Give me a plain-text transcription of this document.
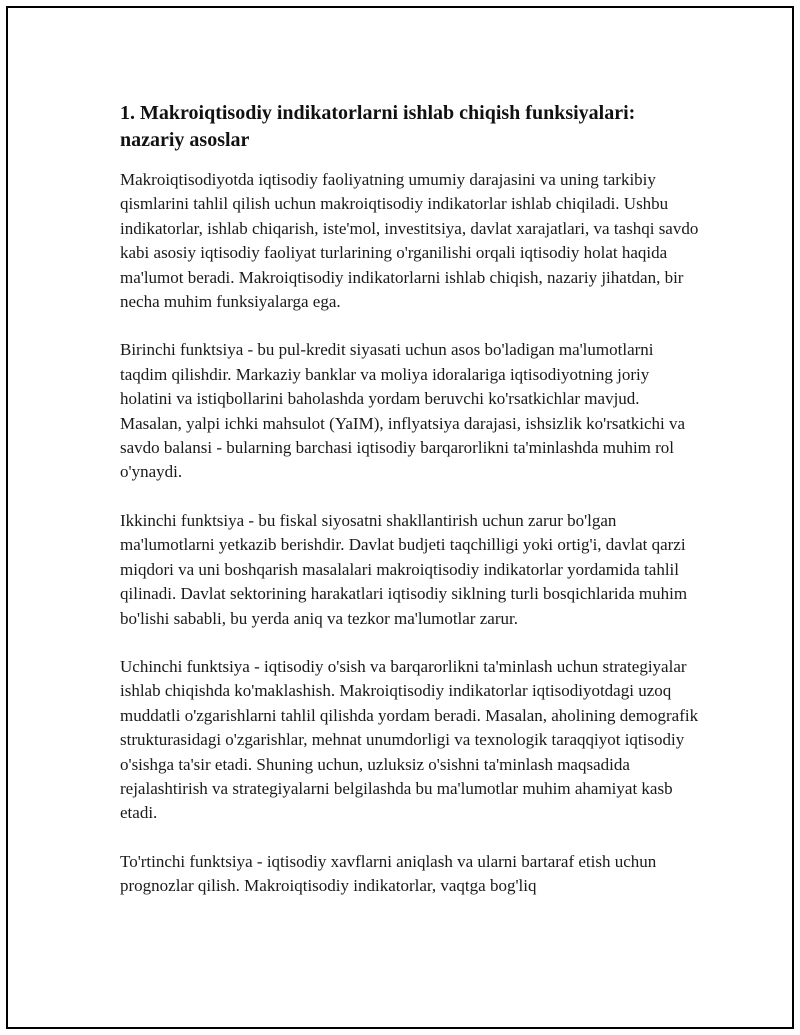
1. Makroiqtisodiy indikatorlarni ishlab chiqish funksiyalari: nazariy asoslar

Makroiqtisodiyotda iqtisodiy faoliyatning umumiy darajasini va uning tarkibiy qismlarini tahlil qilish uchun makroiqtisodiy indikatorlar ishlab chiqiladi. Ushbu indikatorlar, ishlab chiqarish, iste'mol, investitsiya, davlat xarajatlari, va tashqi savdo kabi asosiy iqtisodiy faoliyat turlarining o'rganilishi orqali iqtisodiy holat haqida ma'lumot beradi. Makroiqtisodiy indikatorlarni ishlab chiqish, nazariy jihatdan, bir necha muhim funksiyalarga ega.

Birinchi funktsiya - bu pul-kredit siyasati uchun asos bo'ladigan ma'lumotlarni taqdim qilishdir. Markaziy banklar va moliya idoralariga iqtisodiyotning joriy holatini va istiqbollarini baholashda yordam beruvchi ko'rsatkichlar mavjud. Masalan, yalpi ichki mahsulot (YaIM), inflyatsiya darajasi, ishsizlik ko'rsatkichi va savdo balansi - bularning barchasi iqtisodiy barqarorlikni ta'minlashda muhim rol o'ynaydi.

Ikkinchi funktsiya - bu fiskal siyosatni shakllantirish uchun zarur bo'lgan ma'lumotlarni yetkazib berishdir. Davlat budjeti taqchilligi yoki ortig'i, davlat qarzi miqdori va uni boshqarish masalalari makroiqtisodiy indikatorlar yordamida tahlil qilinadi. Davlat sektorining harakatlari iqtisodiy siklning turli bosqichlarida muhim bo'lishi sababli, bu yerda aniq va tezkor ma'lumotlar zarur.

Uchinchi funktsiya - iqtisodiy o'sish va barqarorlikni ta'minlash uchun strategiyalar ishlab chiqishda ko'maklashish. Makroiqtisodiy indikatorlar iqtisodiyotdagi uzoq muddatli o'zgarishlarni tahlil qilishda yordam beradi. Masalan, aholining demografik strukturasidagi o'zgarishlar, mehnat unumdorligi va texnologik taraqqiyot iqtisodiy o'sishga ta'sir etadi. Shuning uchun, uzluksiz o'sishni ta'minlash maqsadida rejalashtirish va strategiyalarni belgilashda bu ma'lumotlar muhim ahamiyat kasb etadi.

To'rtinchi funktsiya - iqtisodiy xavflarni aniqlash va ularni bartaraf etish uchun prognozlar qilish. Makroiqtisodiy indikatorlar, vaqtga bog'liq
